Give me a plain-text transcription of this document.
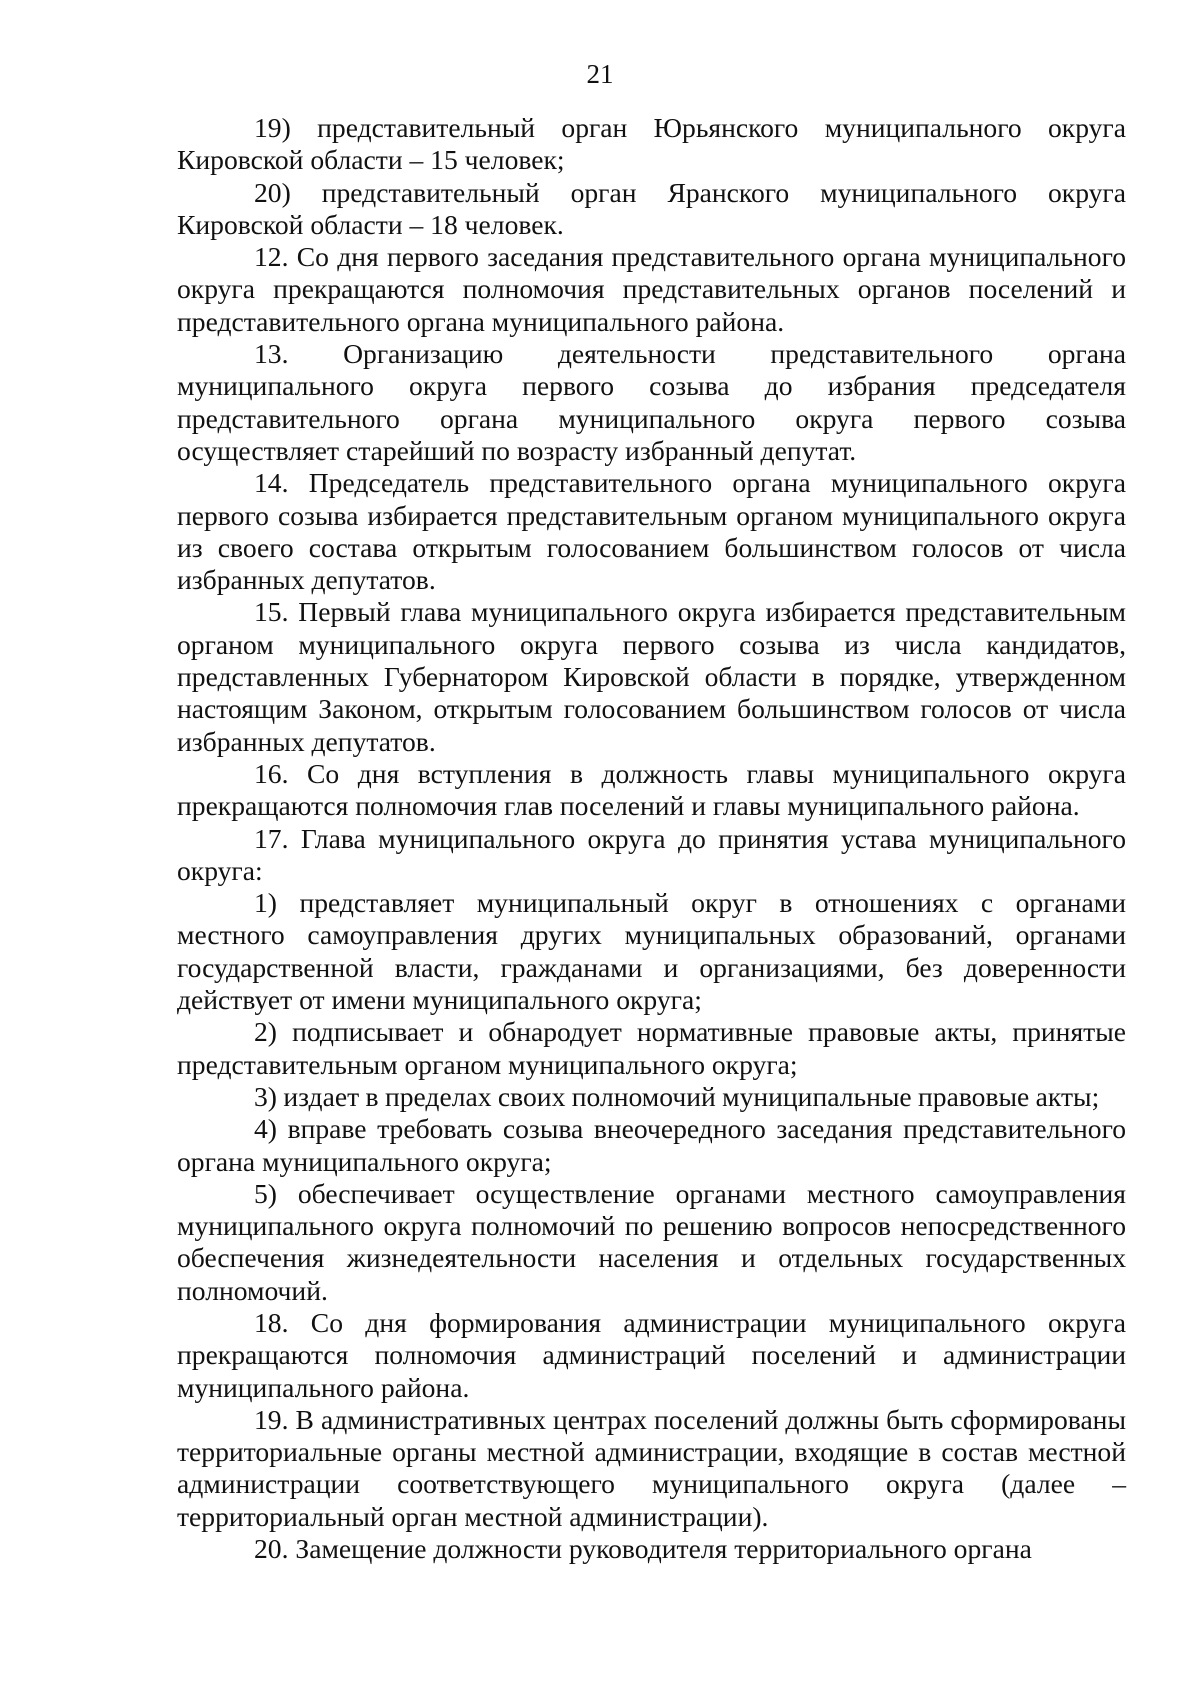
21

19) представительный орган Юрьянского муниципального округа Кировской области – 15 человек;

20) представительный орган Яранского муниципального округа Кировской области – 18 человек.

12. Со дня первого заседания представительного органа муниципального округа прекращаются полномочия представительных органов поселений и представительного органа муниципального района.

13. Организацию деятельности представительного органа муниципального округа первого созыва до избрания председателя представительного органа муниципального округа первого созыва осуществляет старейший по возрасту избранный депутат.

14. Председатель представительного органа муниципального округа первого созыва избирается представительным органом муниципального округа из своего состава открытым голосованием большинством голосов от числа избранных депутатов.

15. Первый глава муниципального округа избирается представительным органом муниципального округа первого созыва из числа кандидатов, представленных Губернатором Кировской области в порядке, утвержденном настоящим Законом, открытым голосованием большинством голосов от числа избранных депутатов.

16. Со дня вступления в должность главы муниципального округа прекращаются полномочия глав поселений и главы муниципального района.

17. Глава муниципального округа до принятия устава муниципального округа:

1) представляет муниципальный округ в отношениях с органами местного самоуправления других муниципальных образований, органами государственной власти, гражданами и организациями, без доверенности действует от имени муниципального округа;

2) подписывает и обнародует нормативные правовые акты, принятые представительным органом муниципального округа;

3) издает в пределах своих полномочий муниципальные правовые акты;

4) вправе требовать созыва внеочередного заседания представительного органа муниципального округа;

5) обеспечивает осуществление органами местного самоуправления муниципального округа полномочий по решению вопросов непосредственного обеспечения жизнедеятельности населения и отдельных государственных полномочий.

18. Со дня формирования администрации муниципального округа прекращаются полномочия администраций поселений и администрации муниципального района.

19. В административных центрах поселений должны быть сформированы территориальные органы местной администрации, входящие в состав местной администрации соответствующего муниципального округа (далее – территориальный орган местной администрации).

20. Замещение должности руководителя территориального органа
